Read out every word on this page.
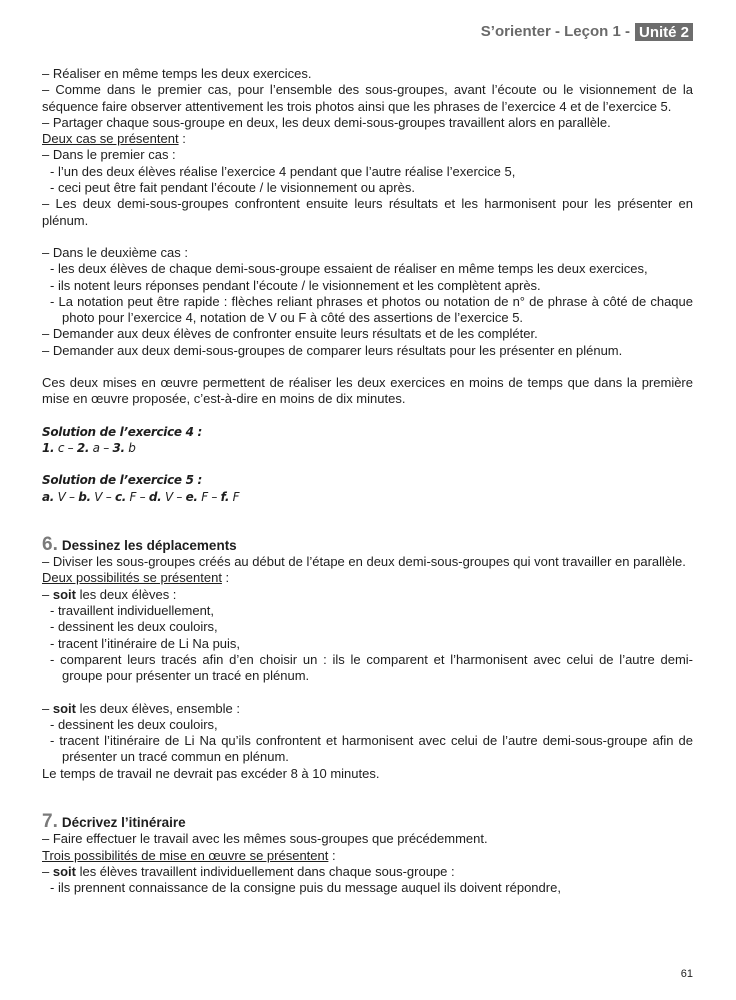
S’orienter - Leçon 1 - Unité 2

– Réaliser en même temps les deux exercices.

– Comme dans le premier cas, pour l’ensemble des sous-groupes, avant l’écoute ou le visionnement de la séquence faire observer attentivement les trois photos ainsi que les phrases de l’exercice 4 et de l’exercice 5.

– Partager chaque sous-groupe en deux, les deux demi-sous-groupes travaillent alors en parallèle.

Deux cas se présentent :

– Dans le premier cas :

- l’un des deux élèves réalise l’exercice 4 pendant que l’autre réalise l’exercice 5,

- ceci peut être fait pendant l’écoute / le visionnement ou après.

– Les deux demi-sous-groupes confrontent ensuite leurs résultats et les harmonisent pour les présenter en plénum.

– Dans le deuxième cas :

- les deux élèves de chaque demi-sous-groupe essaient de réaliser en même temps les deux exercices,

- ils notent leurs réponses pendant l’écoute / le visionnement et les complètent après.

- La notation peut être rapide : flèches reliant phrases et photos ou notation de n° de phrase à côté de chaque photo pour l’exercice 4, notation de V ou F à côté des assertions de l’exercice 5.

– Demander aux deux élèves de confronter ensuite leurs résultats et de les compléter.

– Demander aux deux demi-sous-groupes de comparer leurs résultats pour les présenter en plénum.

Ces deux mises en œuvre permettent de réaliser les deux exercices en moins de temps que dans la première mise en œuvre proposée, c’est-à-dire en moins de dix minutes.

Solution de l’exercice 4 :

1. c – 2. a – 3. b

Solution de l’exercice 5 :

a. V – b. V – c. F – d. V – e. F – f. F

6. Dessinez les déplacements

– Diviser les sous-groupes créés au début de l’étape en deux demi-sous-groupes qui vont travailler en parallèle.

Deux possibilités se présentent :

– soit les deux élèves :

- travaillent individuellement,

- dessinent les deux couloirs,

- tracent l’itinéraire de Li Na puis,

- comparent leurs tracés afin d’en choisir un : ils le comparent et l’harmonisent avec celui de l’autre demi-groupe pour présenter un tracé en plénum.

– soit les deux élèves, ensemble :

- dessinent les deux couloirs,

- tracent l’itinéraire de Li Na qu’ils confrontent et harmonisent avec celui de l’autre demi-sous-groupe afin de présenter un tracé commun en plénum.

Le temps de travail ne devrait pas excéder 8 à 10 minutes.

7. Décrivez l’itinéraire

– Faire effectuer le travail avec les mêmes sous-groupes que précédemment.

Trois possibilités de mise en œuvre se présentent :

– soit les élèves travaillent individuellement dans chaque sous-groupe :

- ils prennent connaissance de la consigne puis du message auquel ils doivent répondre,

61
